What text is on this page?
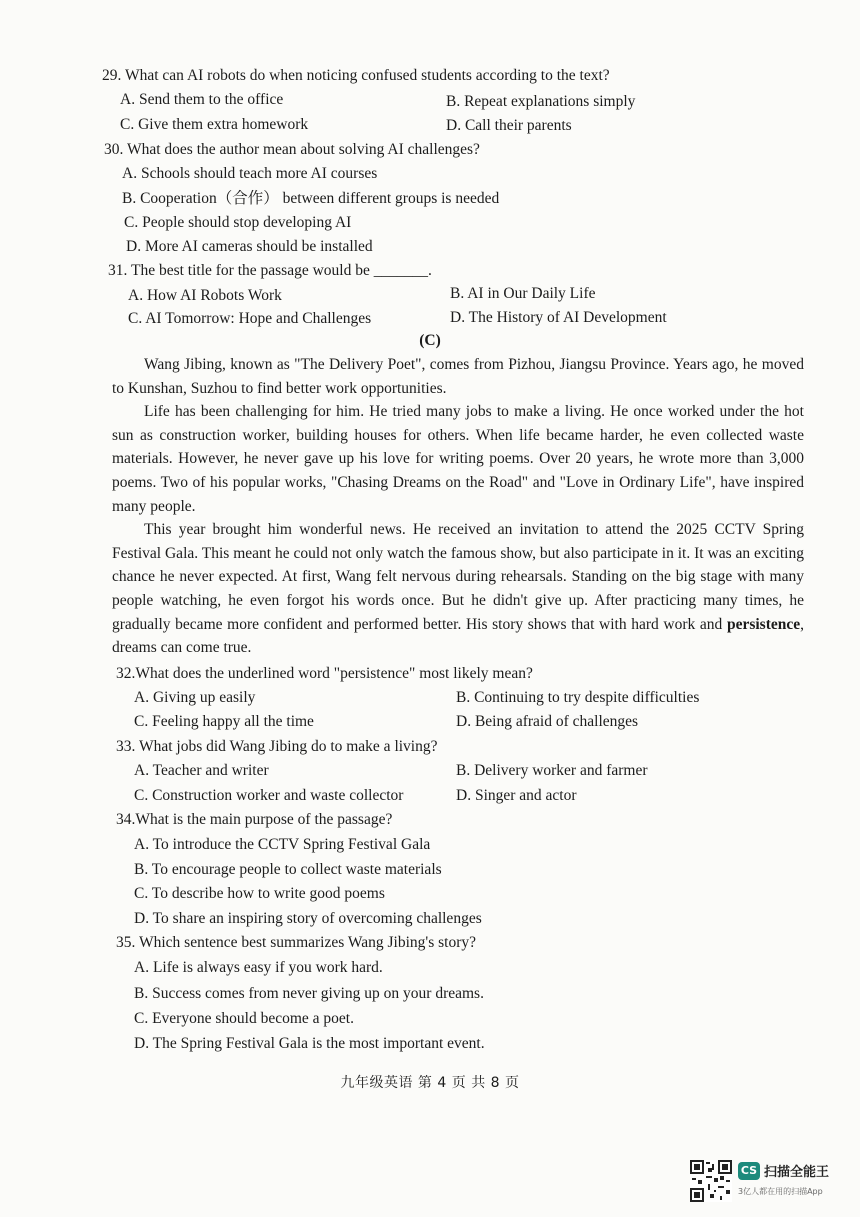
29. What can AI robots do when noticing confused students according to the text?
A. Send them to the office	B. Repeat explanations simply
C. Give them extra homework	D. Call their parents
30. What does the author mean about solving AI challenges?
A. Schools should teach more AI courses
B. Cooperation（合作） between different groups is needed
C. People should stop developing AI
D. More AI cameras should be installed
31. The best title for the passage would be _______.
A. How AI Robots Work	B. AI in Our Daily Life
C. AI Tomorrow: Hope and Challenges	D. The History of AI Development
(C)

Wang Jibing, known as "The Delivery Poet", comes from Pizhou, Jiangsu Province. Years ago, he moved to Kunshan, Suzhou to find better work opportunities.

Life has been challenging for him. He tried many jobs to make a living. He once worked under the hot sun as construction worker, building houses for others. When life became harder, he even collected waste materials. However, he never gave up his love for writing poems. Over 20 years, he wrote more than 3,000 poems. Two of his popular works, "Chasing Dreams on the Road" and "Love in Ordinary Life", have inspired many people.

This year brought him wonderful news. He received an invitation to attend the 2025 CCTV Spring Festival Gala. This meant he could not only watch the famous show, but also participate in it. It was an exciting chance he never expected. At first, Wang felt nervous during rehearsals. Standing on the big stage with many people watching, he even forgot his words once. But he didn't give up. After practicing many times, he gradually became more confident and performed better. His story shows that with hard work and persistence, dreams can come true.

32.What does the underlined word "persistence" most likely mean?
A. Giving up easily	B. Continuing to try despite difficulties
C. Feeling happy all the time	D. Being afraid of challenges
33. What jobs did Wang Jibing do to make a living?
A. Teacher and writer	B. Delivery worker and farmer
C. Construction worker and waste collector	D. Singer and actor
34.What is the main purpose of the passage?
A. To introduce the CCTV Spring Festival Gala
B. To encourage people to collect waste materials
C. To describe how to write good poems
D. To share an inspiring story of overcoming challenges
35. Which sentence best summarizes Wang Jibing's story?
A. Life is always easy if you work hard.
B. Success comes from never giving up on your dreams.
C. Everyone should become a poet.
D. The Spring Festival Gala is the most important event.
九年级英语 第 4 页 共 8 页
CS 扫描全能王
3亿人都在用的扫描App
